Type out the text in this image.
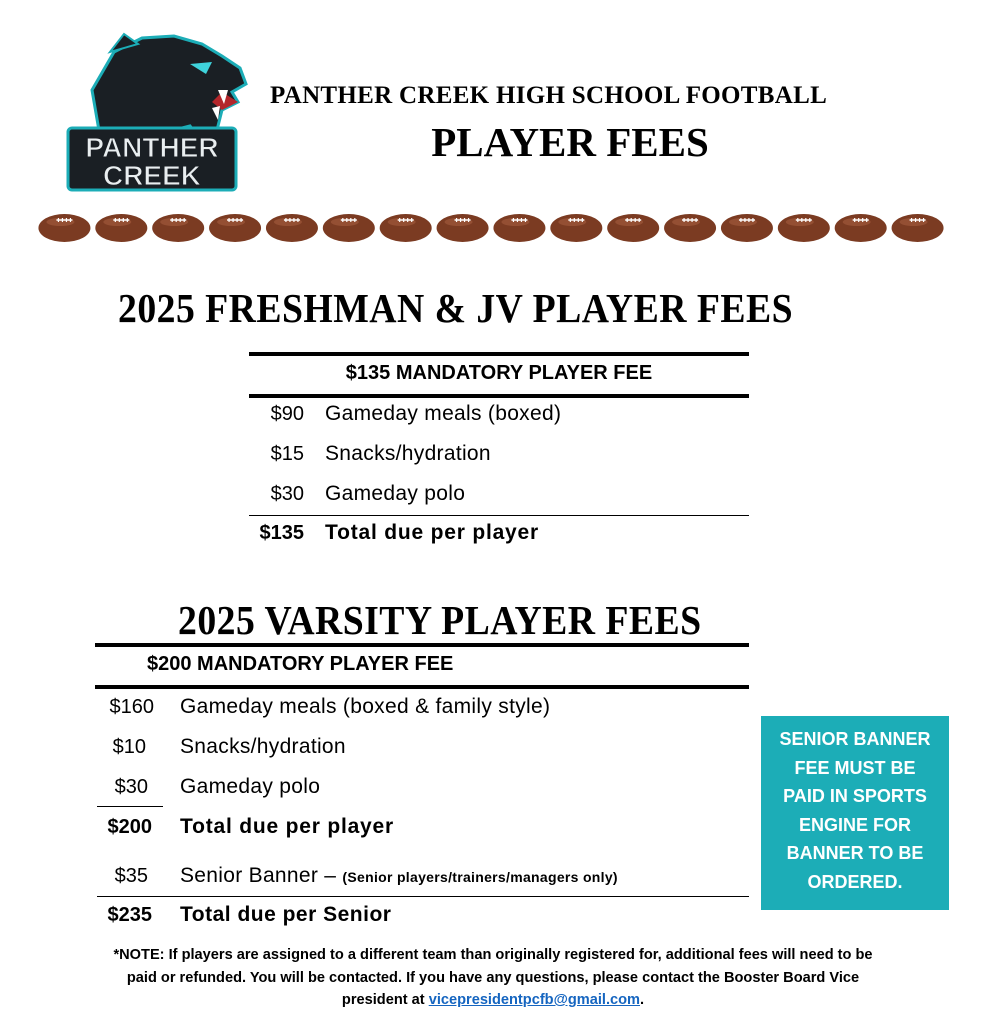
PANTHER
CREEK
PANTHER CREEK HIGH SCHOOL FOOTBALL
PLAYER FEES
2025 FRESHMAN & JV PLAYER FEES
$135 MANDATORY PLAYER FEE
$90 Gameday meals (boxed)
$15 Snacks/hydration
$30 Gameday polo
$135 Total due per player
2025 VARSITY PLAYER FEES
$200 MANDATORY PLAYER FEE
$160 Gameday meals (boxed & family style)
$10 Snacks/hydration
$30 Gameday polo
$200 Total due per player
$35 Senior Banner – (Senior players/trainers/managers only)
$235 Total due per Senior
SENIOR BANNER
FEE MUST BE
PAID IN SPORTS
ENGINE FOR
BANNER TO BE
ORDERED.
*NOTE: If players are assigned to a different team than originally registered for, additional fees will need to be
paid or refunded. You will be contacted. If you have any questions, please contact the Booster Board Vice
president at vicepresidentpcfb@gmail.com.
